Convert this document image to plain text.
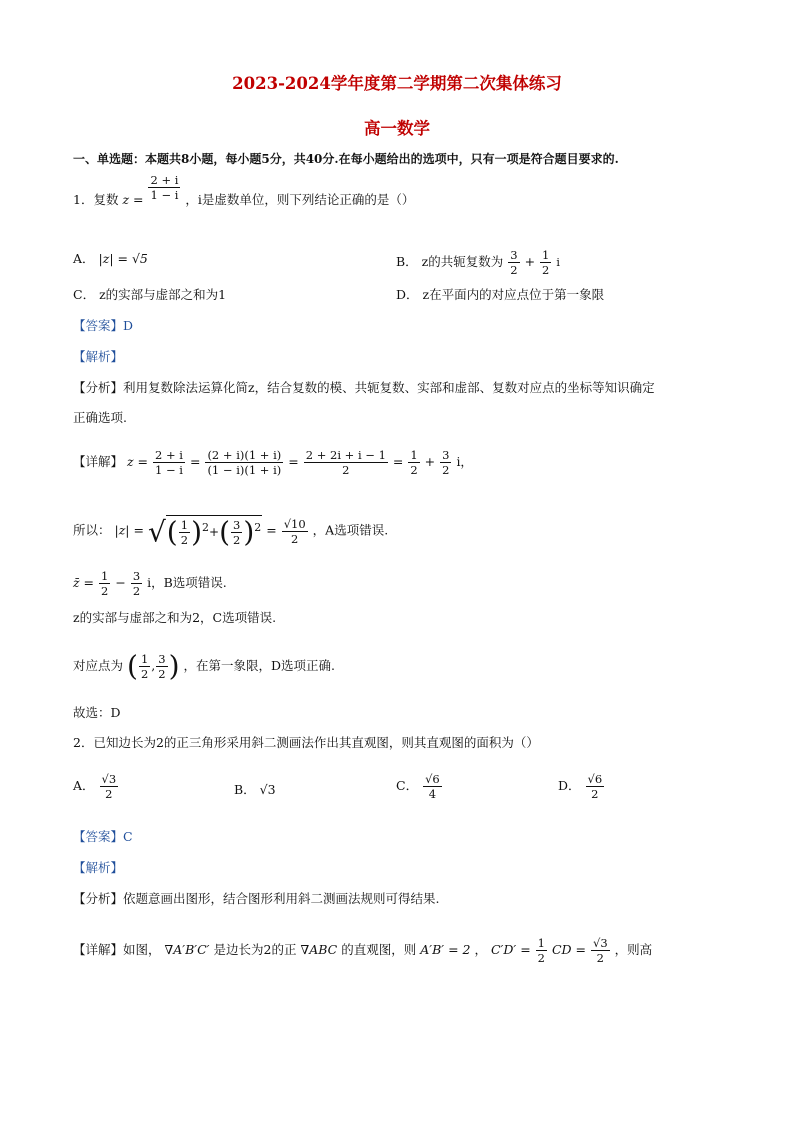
2023-2024学年度第二学期第二次集体练习
高一数学
一、单选题：本题共8小题，每小题5分，共40分.在每小题给出的选项中，只有一项是符合题目要求的.
1．复数 $z = \frac{2 + i}{1 - i}$ ，i是虚数单位，则下列结论正确的是（）
A． |z| = √5	B． z的共轭复数为 $\frac{3}{2} + \frac{1}{2}$ i
C． z的实部与虚部之和为1	D． z在平面内的对应点位于第一象限
【答案】D
【解析】
【分析】利用复数除法运算化简z，结合复数的模、共轭复数、实部和虚部、复数对应点的坐标等知识确定
正确选项.
【详解】 $z = \frac{2 + i}{1 - i} = \frac{(2 + i)(1 + i)}{(1 - i)(1 + i)} = \frac{2 + 2i + i - 1}{2} = \frac{1}{2} + \frac{3}{2}$ i，
所以： |z| = √( $\frac{1}{2} )^2+( \frac{3}{2} )^2 = \frac{√10}{2}$ ，A选项错误.
z̄ = $\frac{1}{2} - \frac{3}{2}$ i，B选项错误.
z的实部与虚部之和为2，C选项错误.
对应点为 ( $\frac{1}{2}$ , $\frac{3}{2}$ ) ，在第一象限，D选项正确.
故选：D
2．已知边长为2的正三角形采用斜二测画法作出其直观图，则其直观图的面积为（）
A． $\frac{√3}{2}$	B． √3	C． $\frac{√6}{4}$	D． $\frac{√6}{2}$
【答案】C
【解析】
【分析】依题意画出图形，结合图形利用斜二测画法规则可得结果.
【详解】如图， ∇A′B′C′ 是边长为2的正 ∇ABC 的直观图，则 A′B′ = 2 ， $C'D' = \frac{1}{2}$ CD = $\frac{√3}{2}$ ，则高
